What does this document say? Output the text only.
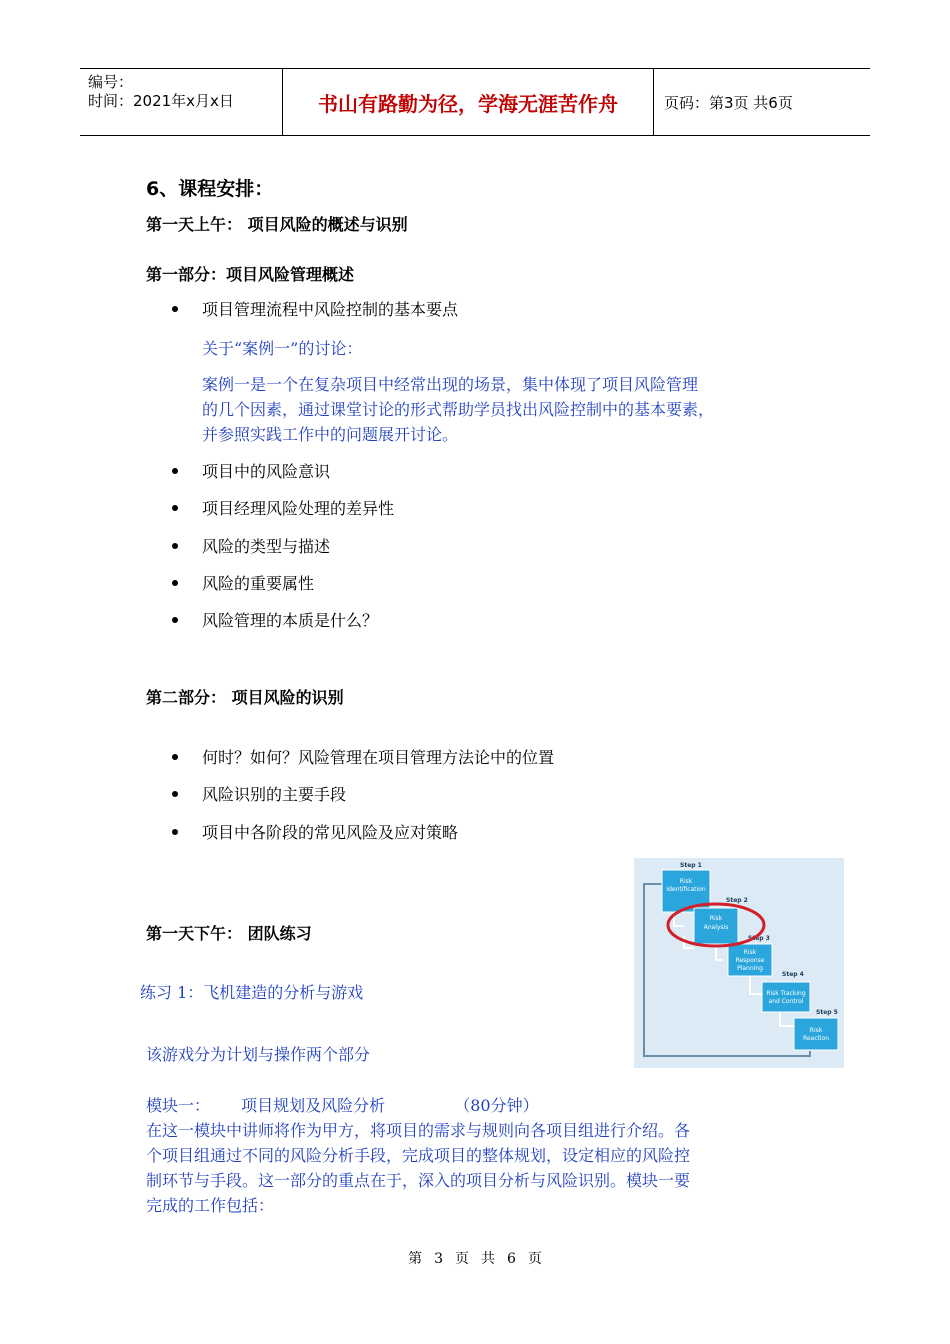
编号：
时间：2021年x月x日	书山有路勤为径，学海无涯苦作舟	页码：第3页 共6页
6、课程安排：
第一天上午： 项目风险的概述与识别
第一部分：项目风险管理概述
项目管理流程中风险控制的基本要点
关于“案例一”的讨论：
案例一是一个在复杂项目中经常出现的场景，集中体现了项目风险管理
的几个因素，通过课堂讨论的形式帮助学员找出风险控制中的基本要素，
并参照实践工作中的问题展开讨论。
项目中的风险意识
项目经理风险处理的差异性
风险的类型与描述
风险的重要属性
风险管理的本质是什么？
第二部分： 项目风险的识别
何时？如何？风险管理在项目管理方法论中的位置
风险识别的主要手段
项目中各阶段的常见风险及应对策略
第一天下午： 团队练习
练习 1：飞机建造的分析与游戏
该游戏分为计划与操作两个部分
模块一： 项目规划及风险分析	（80分钟）
在这一模块中讲师将作为甲方，将项目的需求与规则向各项目组进行介绍。各
个项目组通过不同的风险分析手段，完成项目的整体规划，设定相应的风险控
制环节与手段。这一部分的重点在于，深入的项目分析与风险识别。模块一要
完成的工作包括：
Step 1
Risk
Identification
Step 2
Risk
Analysis
Step 3
Risk
Response
Planning
Step 4
Risk Tracking
and Control
Step 5
Risk
Reaction
第 3 页 共 6 页
